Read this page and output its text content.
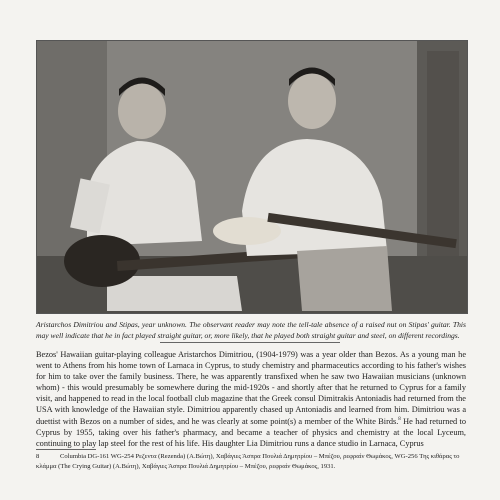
Aristarchos Dimitriou and Stipas, year unknown. The observant reader may note the tell-tale absence of a raised nut on Stipas' guitar. This may well indicate that he in fact played straight guitar, or, more likely, that he played both straight guitar and steel, on different recordings.
Bezos' Hawaiian guitar-playing colleague Aristarchos Dimitriou, (1904-1979) was a year older than Bezos. As a young man he went to Athens from his home town of Larnaca in Cyprus, to study chemistry and pharmaceutics according to his father's wishes for him to take over the family business. There, he was apparently transfixed when he saw two Hawaiian musicians (unknown whom) - this would presumably be somewhere during the mid-1920s - and shortly after that he returned to Cyprus for a family visit, and happened to read in the local football club magazine that the Greek consul Dimitrakis Antoniadis had returned from the USA with knowledge of the Hawaiian style. Dimitriou apparently chased up Antoniadis and learned from him. Dimitriou was a duettist with Bezos on a number of sides, and he was clearly at some point(s) a member of the White Birds.$^8$ He had returned to Cyprus by 1955, taking over his father's pharmacy, and became a teacher of physics and chemistry at the local Lyceum, continuing to play lap steel for the rest of his life. His daughter Lia Dimitriou runs a dance studio in Larnaca, Cyprus
8	Columbia DG-161 WG-254 Ρεζεντα (Rezenda) (Α.Βώτη), Χαβάγιες Άσπρα Πουλιά Δημητρίου – Μπέζου, ρεφραίν Θωμάκος, WG-256 Της κιθάρας το κλάμμα (The Crying Guitar) (Α.Βώτη), Χαβάγιες Άσπρα Πουλιά Δημητρίου – Μπέζου, ρεφραίν Θωμάκος, 1931.
